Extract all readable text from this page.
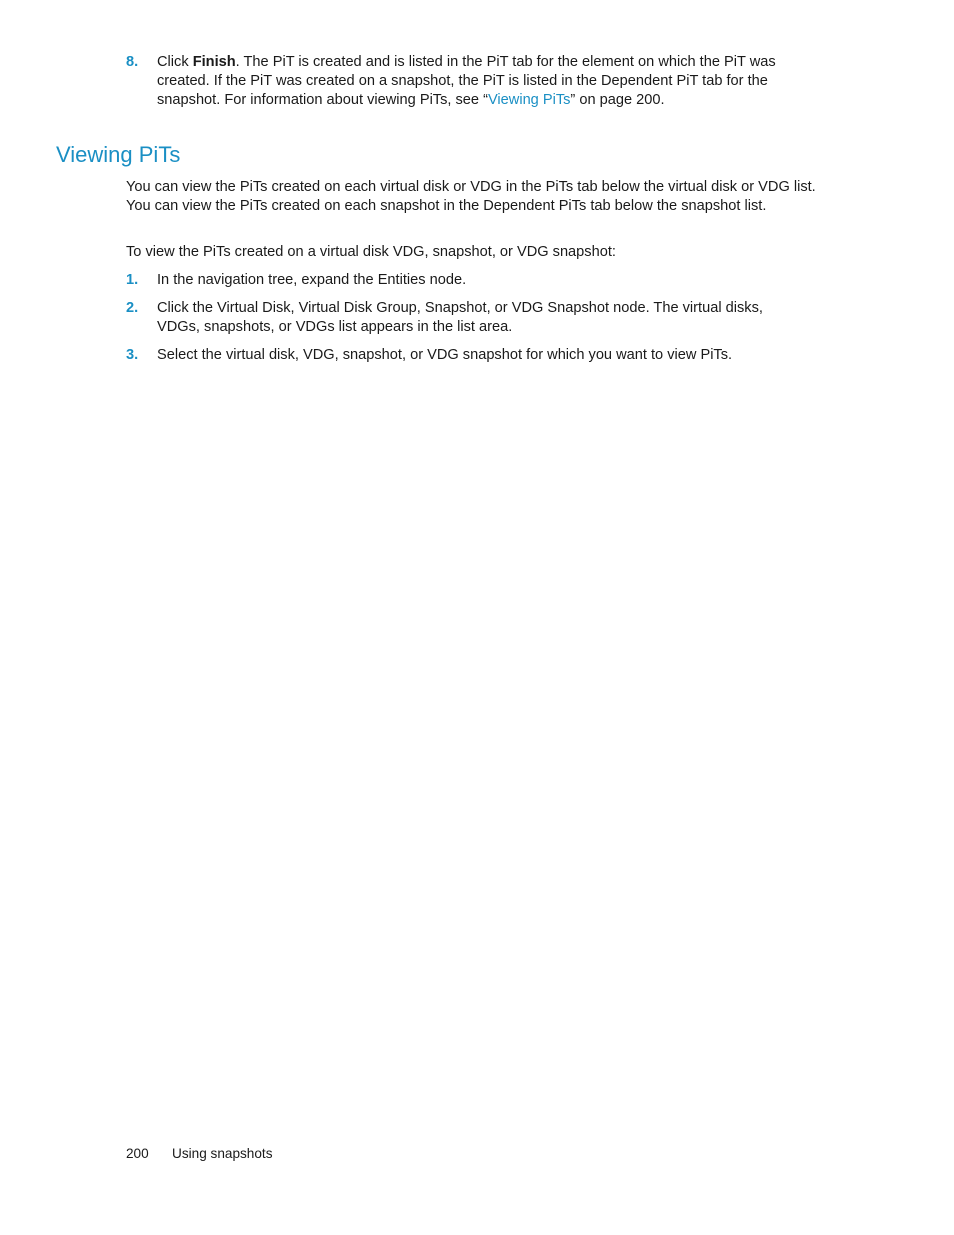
8. Click Finish. The PiT is created and is listed in the PiT tab for the element on which the PiT was created. If the PiT was created on a snapshot, the PiT is listed in the Dependent PiT tab for the snapshot. For information about viewing PiTs, see “Viewing PiTs” on page 200.
Viewing PiTs

You can view the PiTs created on each virtual disk or VDG in the PiTs tab below the virtual disk or VDG list. You can view the PiTs created on each snapshot in the Dependent PiTs tab below the snapshot list.

To view the PiTs created on a virtual disk VDG, snapshot, or VDG snapshot:

1. In the navigation tree, expand the Entities node.
2. Click the Virtual Disk, Virtual Disk Group, Snapshot, or VDG Snapshot node. The virtual disks, VDGs, snapshots, or VDGs list appears in the list area.
3. Select the virtual disk, VDG, snapshot, or VDG snapshot for which you want to view PiTs.
200 Using snapshots
